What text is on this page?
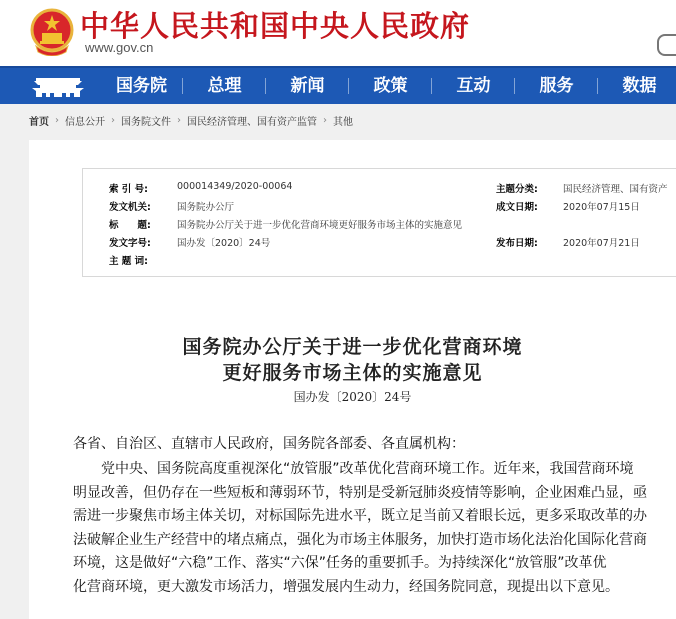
中华人民共和国中央人民政府
www.gov.cn
国务院	总理	新闻	政策	互动	服务	数据
首页 › 信息公开 › 国务院文件 › 国民经济管理、国有资产监管 › 其他
索 引 号:	000014349/2020-00064	主题分类:	国民经济管理、国有资产
发文机关:	国务院办公厅	成文日期:	2020年07月15日
标　　题:	国务院办公厅关于进一步优化营商环境更好服务市场主体的实施意见
发文字号:	国办发〔2020〕24号	发布日期:	2020年07月21日
主 题 词:
国务院办公厅关于进一步优化营商环境
更好服务市场主体的实施意见
国办发〔2020〕24号
各省、自治区、直辖市人民政府，国务院各部委、各直属机构：
　　党中央、国务院高度重视深化“放管服”改革优化营商环境工作。近年来，我国营商环境
明显改善，但仍存在一些短板和薄弱环节，特别是受新冠肺炎疫情等影响，企业困难凸显，亟
需进一步聚焦市场主体关切，对标国际先进水平，既立足当前又着眼长远，更多采取改革的办
法破解企业生产经营中的堵点痛点，强化为市场主体服务，加快打造市场化法治化国际化营商
环境，这是做好“六稳”工作、落实“六保”任务的重要抓手。为持续深化“放管服”改革优
化营商环境，更大激发市场活力，增强发展内生动力，经国务院同意，现提出以下意见。
